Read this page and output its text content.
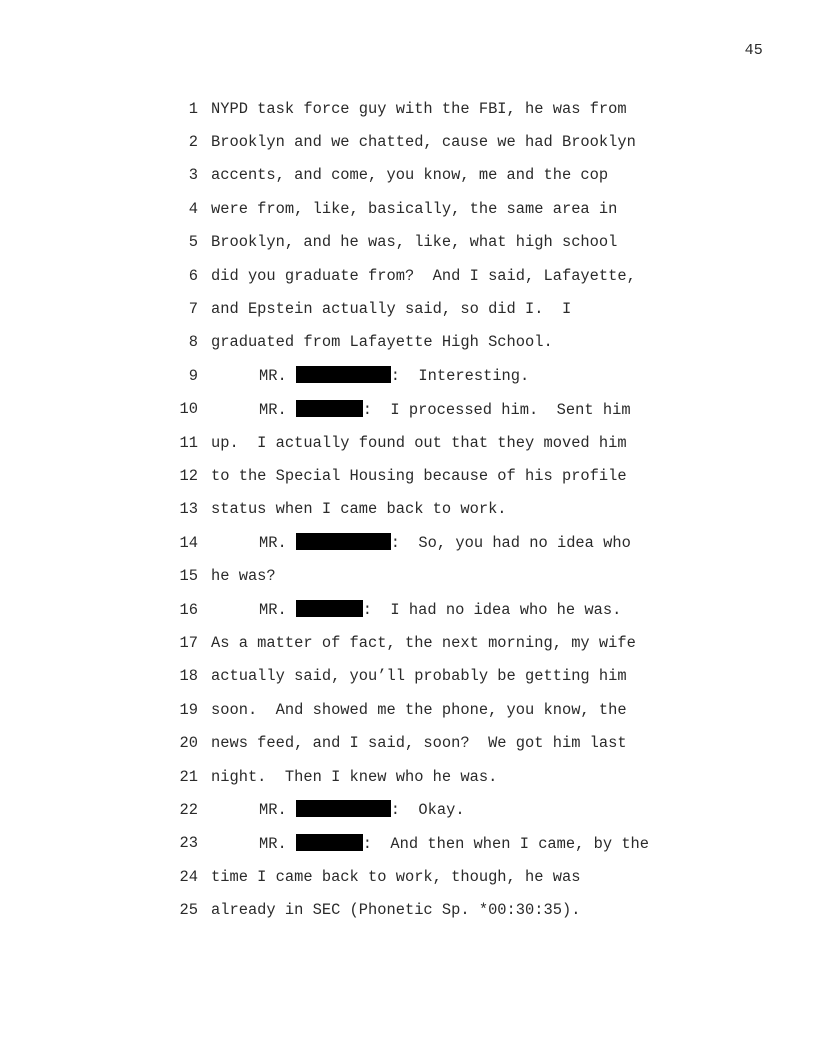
45
1 NYPD task force guy with the FBI, he was from
2 Brooklyn and we chatted, cause we had Brooklyn
3 accents, and come, you know, me and the cop
4 were from, like, basically, the same area in
5 Brooklyn, and he was, like, what high school
6 did you graduate from?  And I said, Lafayette,
7 and Epstein actually said, so did I.  I
8 graduated from Lafayette High School.
9	MR.	:  Interesting.
10	MR.	:  I processed him.  Sent him
11 up.  I actually found out that they moved him
12 to the Special Housing because of his profile
13 status when I came back to work.
14	MR.	:  So, you had no idea who
15 he was?
16	MR.	:  I had no idea who he was.
17 As a matter of fact, the next morning, my wife
18 actually said, you’ll probably be getting him
19 soon.  And showed me the phone, you know, the
20 news feed, and I said, soon?  We got him last
21 night.  Then I knew who he was.
22	MR.	:  Okay.
23	MR.	:  And then when I came, by the
24 time I came back to work, though, he was
25 already in SEC (Phonetic Sp. *00:30:35).
